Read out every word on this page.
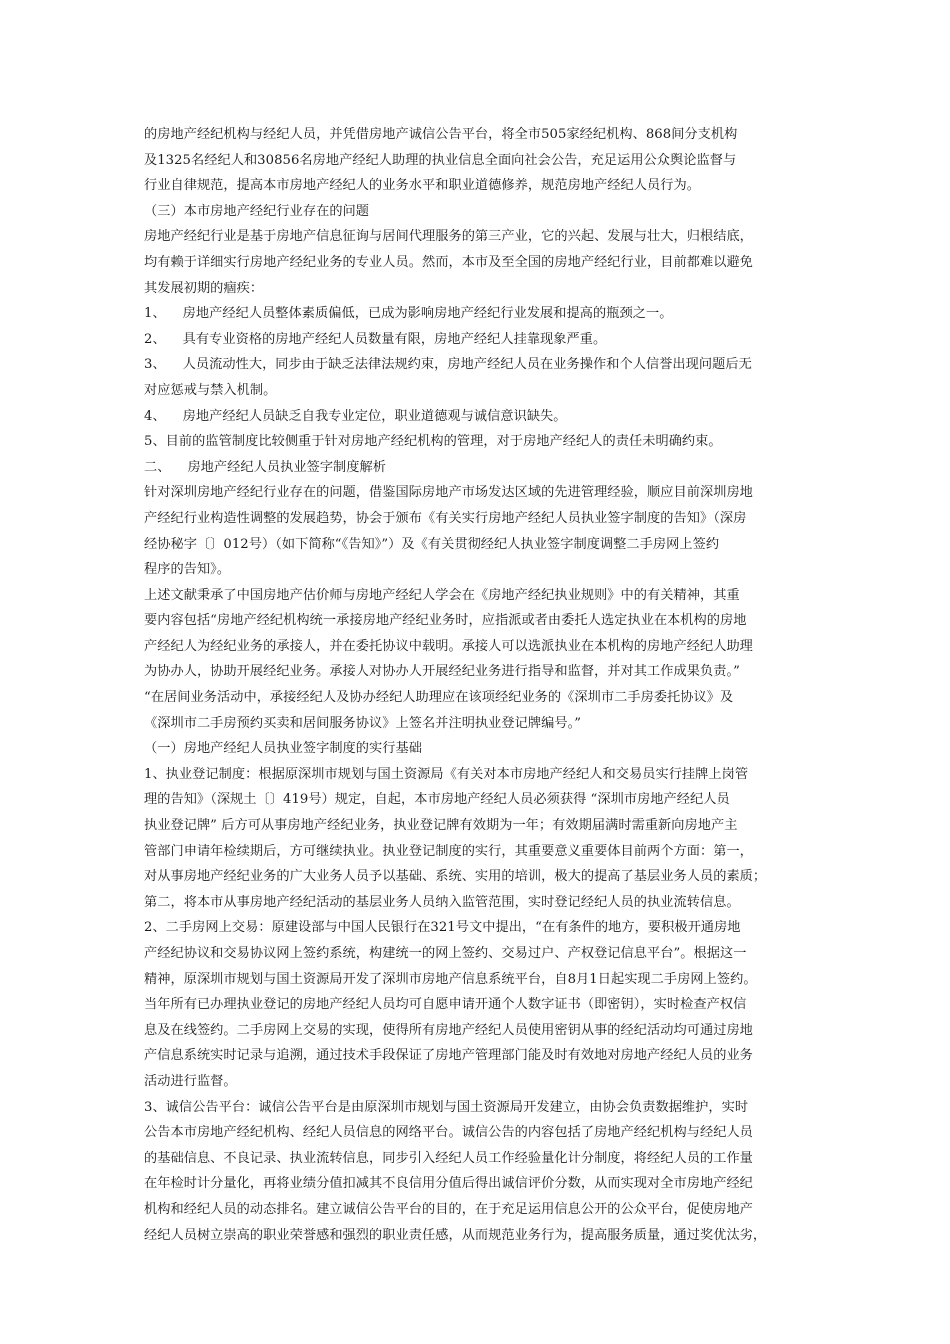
的房地产经纪机构与经纪人员，并凭借房地产诚信公告平台，将全市505家经纪机构、868间分支机构

及1325名经纪人和30856名房地产经纪人助理的执业信息全面向社会公告，充足运用公众舆论监督与

行业自律规范，提高本市房地产经纪人的业务水平和职业道德修养，规范房地产经纪人员行为。

（三）本市房地产经纪行业存在的问题

房地产经纪行业是基于房地产信息征询与居间代理服务的第三产业，它的兴起、发展与壮大，归根结底，

均有赖于详细实行房地产经纪业务的专业人员。然而，本市及至全国的房地产经纪行业，目前都难以避免

其发展初期的痼疾：

1、    房地产经纪人员整体素质偏低，已成为影响房地产经纪行业发展和提高的瓶颈之一。

2、    具有专业资格的房地产经纪人员数量有限，房地产经纪人挂靠现象严重。

3、    人员流动性大，同步由于缺乏法律法规约束，房地产经纪人员在业务操作和个人信誉出现问题后无

对应惩戒与禁入机制。

4、    房地产经纪人员缺乏自我专业定位，职业道德观与诚信意识缺失。

5、目前的监管制度比较侧重于针对房地产经纪机构的管理，对于房地产经纪人的责任未明确约束。

二、    房地产经纪人员执业签字制度解析

针对深圳房地产经纪行业存在的问题，借鉴国际房地产市场发达区域的先进管理经验，顺应目前深圳房地

产经纪行业构造性调整的发展趋势，协会于颁布《有关实行房地产经纪人员执业签字制度的告知》（深房

经协秘字〔〕012号）（如下简称“《告知》”）及《有关贯彻经纪人执业签字制度调整二手房网上签约

程序的告知》。

上述文献秉承了中国房地产估价师与房地产经纪人学会在《房地产经纪执业规则》中的有关精神，其重

要内容包括“房地产经纪机构统一承接房地产经纪业务时，应指派或者由委托人选定执业在本机构的房地

产经纪人为经纪业务的承接人，并在委托协议中载明。承接人可以选派执业在本机构的房地产经纪人助理

为协办人，协助开展经纪业务。承接人对协办人开展经纪业务进行指导和监督，并对其工作成果负责。”

“在居间业务活动中，承接经纪人及协办经纪人助理应在该项经纪业务的《深圳市二手房委托协议》及

《深圳市二手房预约买卖和居间服务协议》上签名并注明执业登记牌编号。”

（一）房地产经纪人员执业签字制度的实行基础

1、执业登记制度：根据原深圳市规划与国土资源局《有关对本市房地产经纪人和交易员实行挂牌上岗管

理的告知》（深规土〔〕419号）规定，自起，本市房地产经纪人员必须获得 “深圳市房地产经纪人员

执业登记牌” 后方可从事房地产经纪业务，执业登记牌有效期为一年；有效期届满时需重新向房地产主

管部门申请年检续期后，方可继续执业。执业登记制度的实行，其重要意义重要体目前两个方面：第一，

对从事房地产经纪业务的广大业务人员予以基础、系统、实用的培训，极大的提高了基层业务人员的素质；

第二，将本市从事房地产经纪活动的基层业务人员纳入监管范围，实时登记经纪人员的执业流转信息。

2、二手房网上交易：原建设部与中国人民银行在321号文中提出，“在有条件的地方，要积极开通房地

产经纪协议和交易协议网上签约系统，构建统一的网上签约、交易过户、产权登记信息平台”。根据这一

精神，原深圳市规划与国土资源局开发了深圳市房地产信息系统平台，自8月1日起实现二手房网上签约。

当年所有已办理执业登记的房地产经纪人员均可自愿申请开通个人数字证书（即密钥），实时检查产权信

息及在线签约。二手房网上交易的实现，使得所有房地产经纪人员使用密钥从事的经纪活动均可通过房地

产信息系统实时记录与追溯，通过技术手段保证了房地产管理部门能及时有效地对房地产经纪人员的业务

活动进行监督。

3、诚信公告平台：诚信公告平台是由原深圳市规划与国土资源局开发建立，由协会负责数据维护，实时

公告本市房地产经纪机构、经纪人员信息的网络平台。诚信公告的内容包括了房地产经纪机构与经纪人员

的基础信息、不良记录、执业流转信息，同步引入经纪人员工作经验量化计分制度，将经纪人员的工作量

在年检时计分量化，再将业绩分值扣减其不良信用分值后得出诚信评价分数，从而实现对全市房地产经纪

机构和经纪人员的动态排名。建立诚信公告平台的目的，在于充足运用信息公开的公众平台，促使房地产

经纪人员树立崇高的职业荣誉感和强烈的职业责任感，从而规范业务行为，提高服务质量，通过奖优汰劣，
